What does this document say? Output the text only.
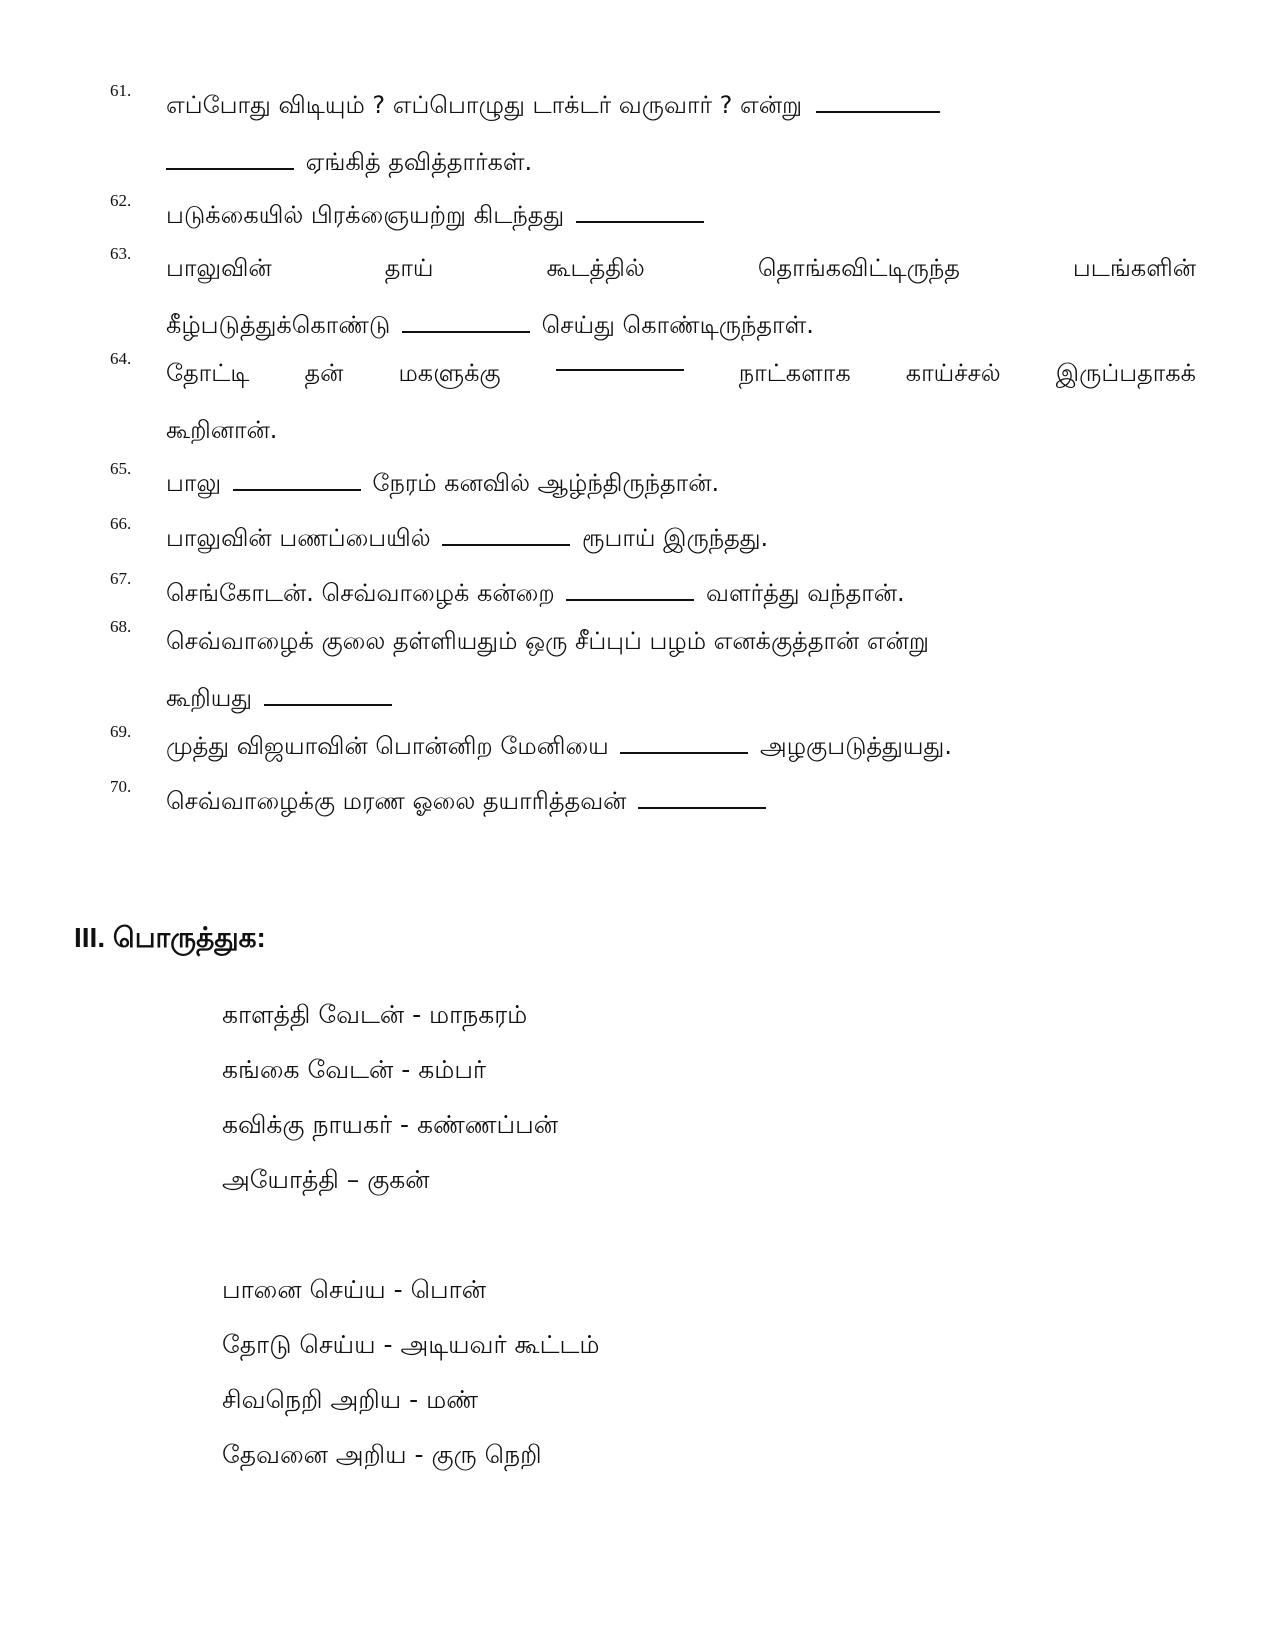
61.
எப்போது விடியும் ? எப்பொழுது டாக்டர் வருவார் ? என்று
ஏங்கித் தவித்தார்கள்.
62.
படுக்கையில் பிரக்ஞையற்று கிடந்தது
63.
பாலுவின்	தாய்	கூடத்தில்	தொங்கவிட்டிருந்த	படங்களின்
கீழ்படுத்துக்கொண்டு	செய்து கொண்டிருந்தாள்.
64.
தோட்டி தன் மகளுக்கு	நாட்களாக காய்ச்சல் இருப்பதாகக்
கூறினான்.
65.
பாலு	நேரம் கனவில் ஆழ்ந்திருந்தான்.
66.
பாலுவின் பணப்பையில்	ரூபாய் இருந்தது.
67.
செங்கோடன். செவ்வாழைக் கன்றை	வளர்த்து வந்தான்.
68.
செவ்வாழைக் குலை தள்ளியதும் ஒரு சீப்புப் பழம் எனக்குத்தான் என்று
கூறியது
69.
முத்து விஜயாவின் பொன்னிற மேனியை	அழகுபடுத்துயது.
70.
செவ்வாழைக்கு மரண ஓலை தயாரித்தவன்
III. பொருத்துக:
காளத்தி வேடன் - மாநகரம்
கங்கை வேடன் - கம்பர்
கவிக்கு நாயகர் - கண்ணப்பன்
அயோத்தி – குகன்
பானை செய்ய - பொன்
தோடு செய்ய - அடியவர் கூட்டம்
சிவநெறி அறிய - மண்
தேவனை அறிய - குரு நெறி
